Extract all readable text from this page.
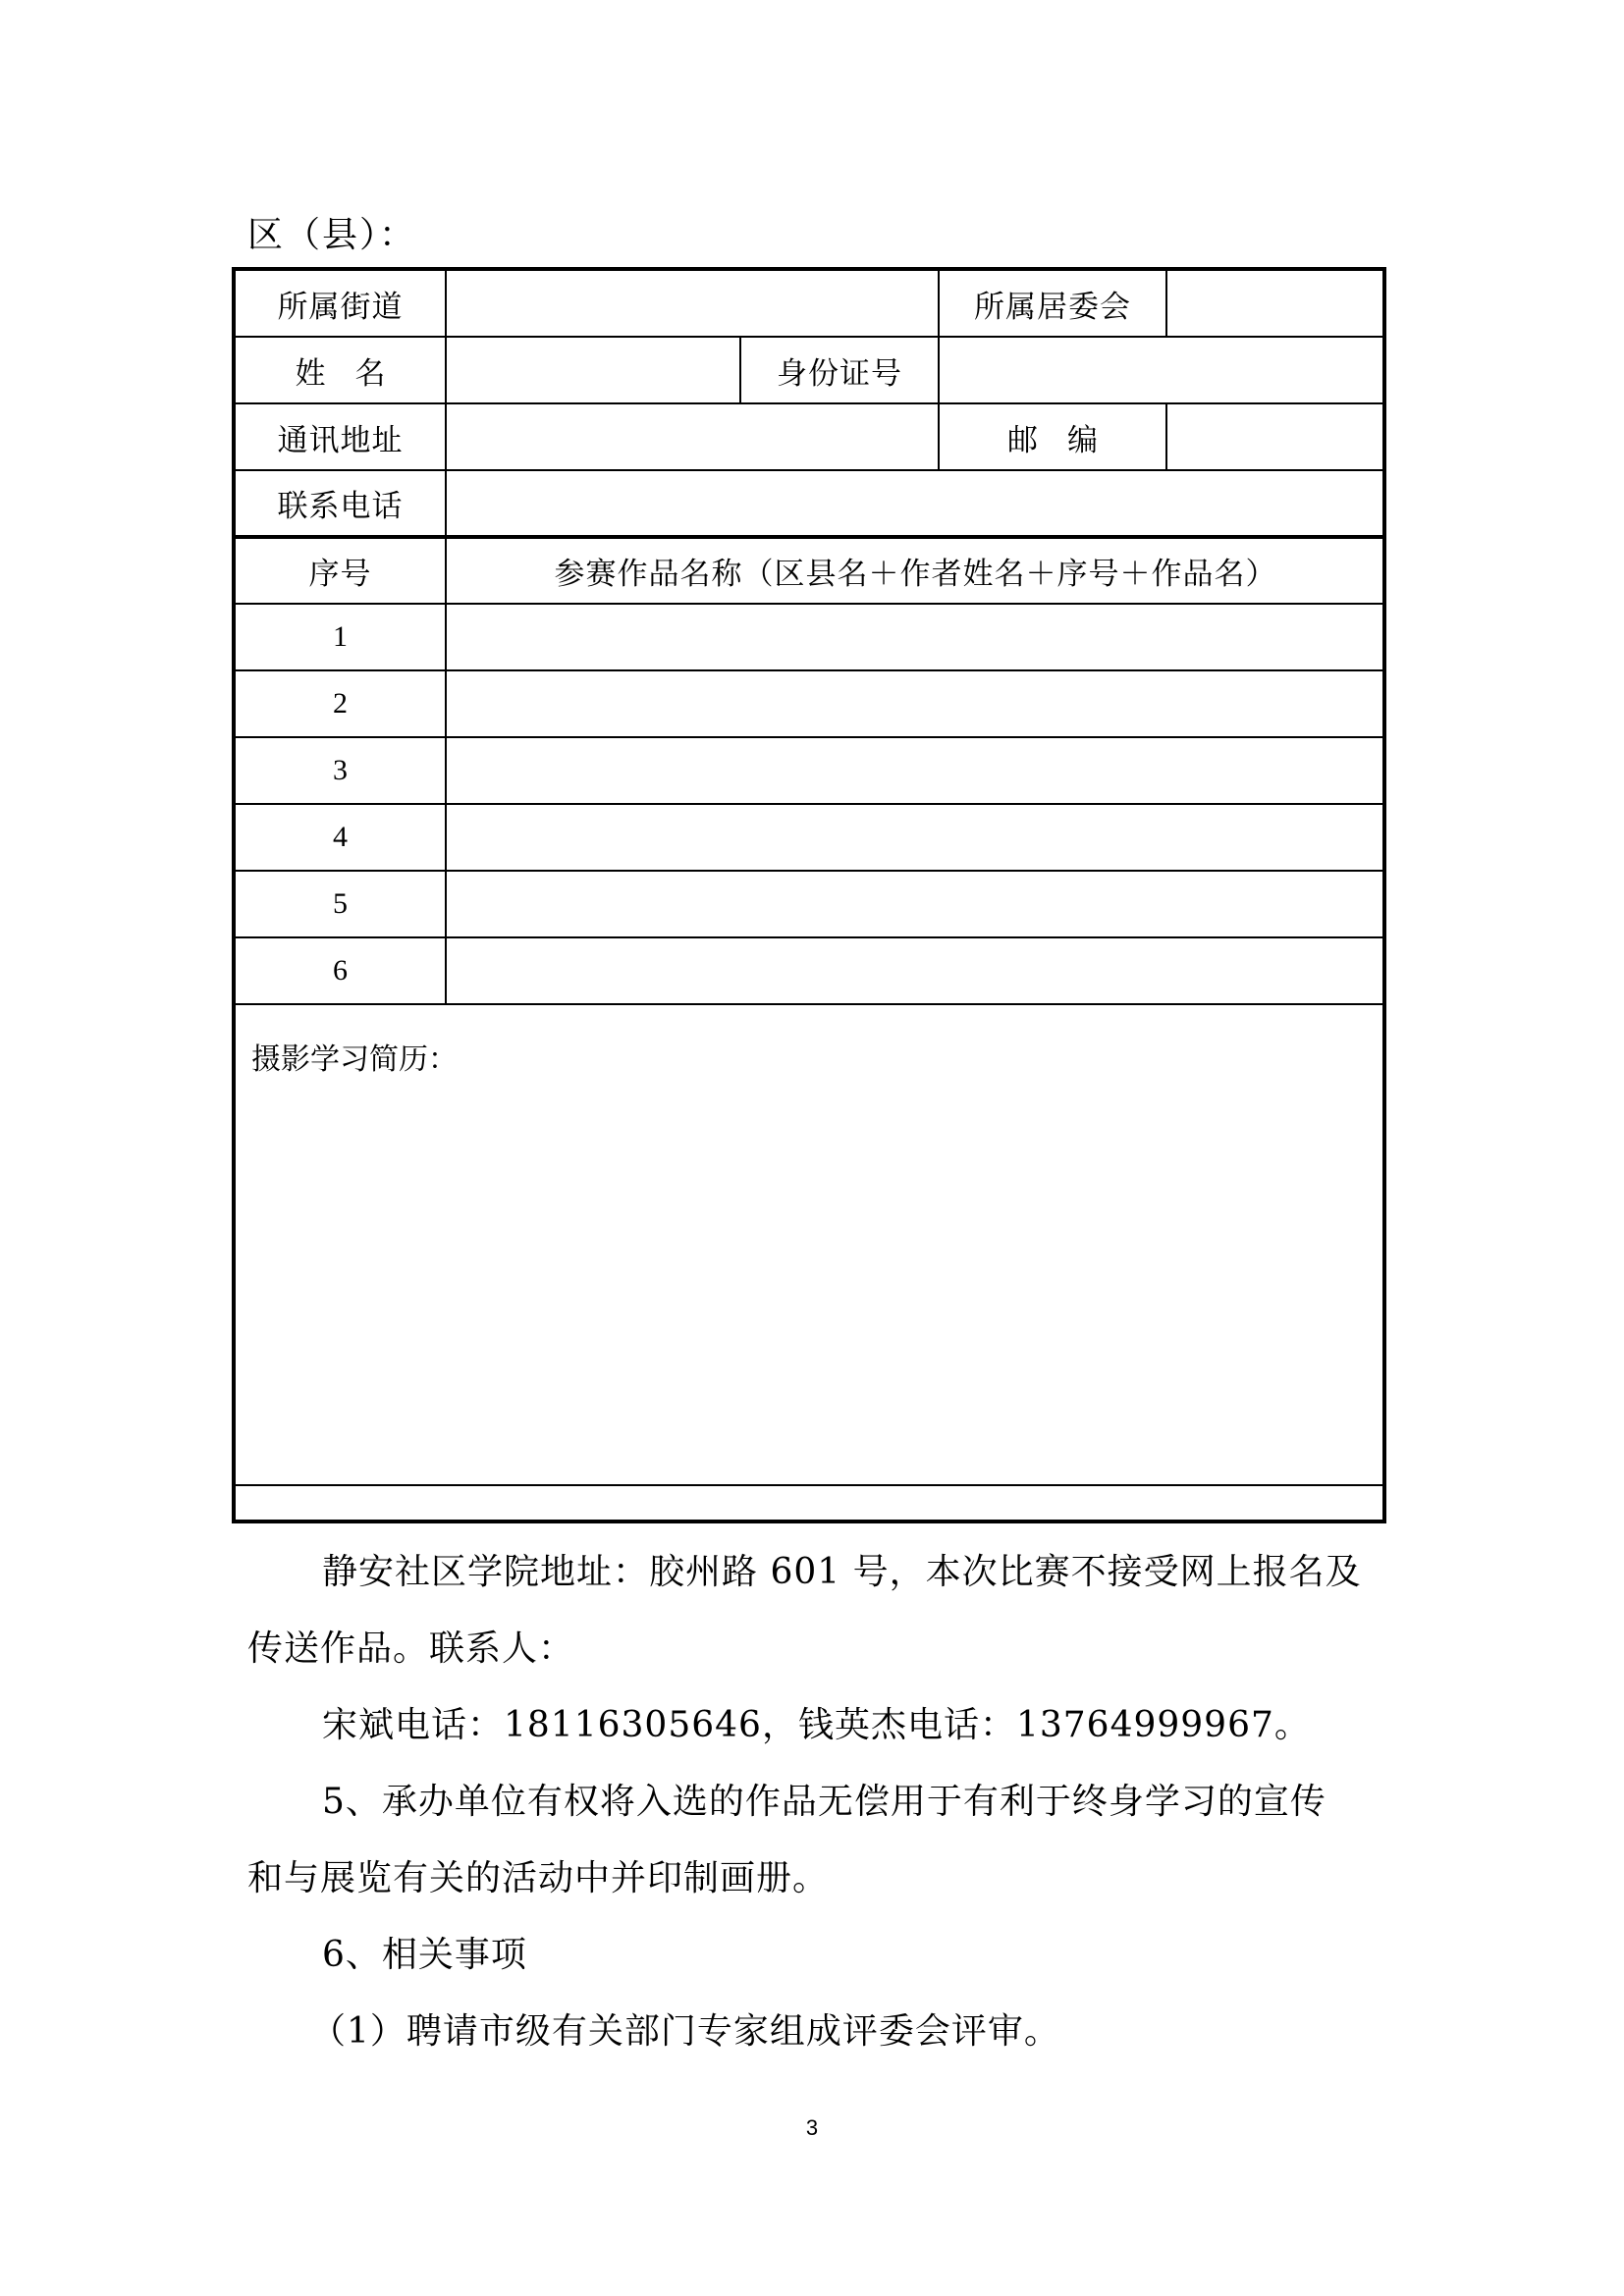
区（县）：
所属街道			所属居委会	
姓名		身份证号		
通讯地址			邮编	
联系电话				
序号	参赛作品名称（区县名＋作者姓名＋序号＋作品名）			
1				
2				
3				
4				
5				
6				
摄影学习简历：				
静安社区学院地址：胶州路 601 号，本次比赛不接受网上报名及
传送作品。联系人：
宋斌电话：18116305646，钱英杰电话：13764999967。
5、承办单位有权将入选的作品无偿用于有利于终身学习的宣传
和与展览有关的活动中并印制画册。
6、相关事项
（1）聘请市级有关部门专家组成评委会评审。
3
